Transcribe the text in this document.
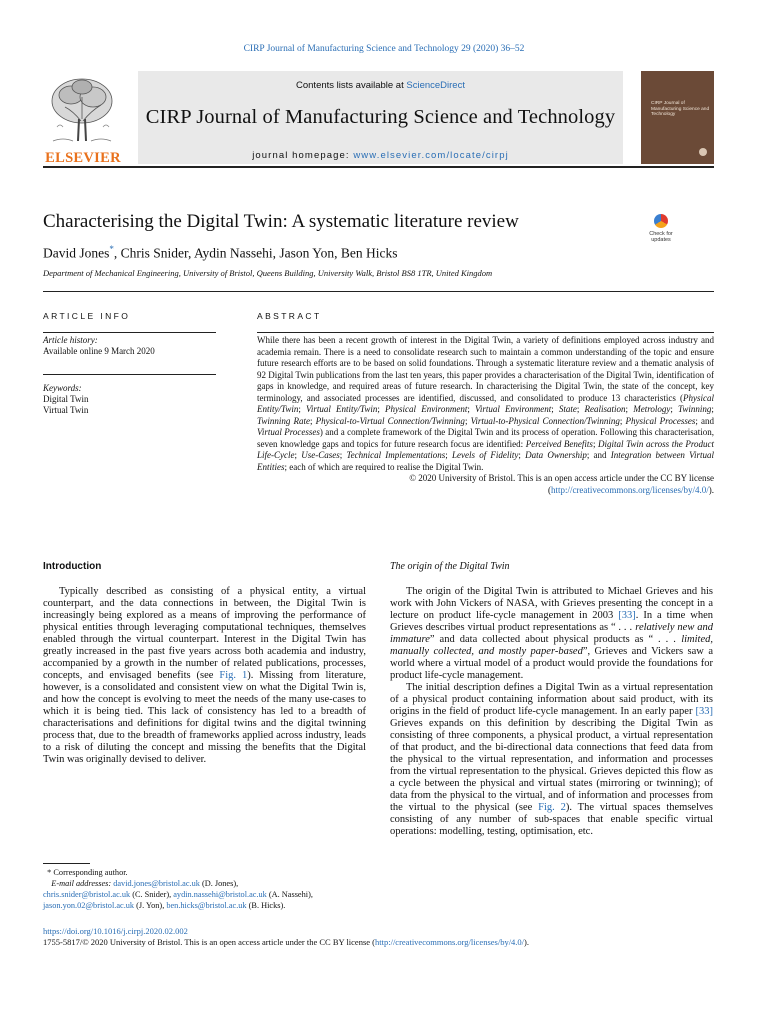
CIRP Journal of Manufacturing Science and Technology 29 (2020) 36–52
ELSEVIER
Contents lists available at ScienceDirect
CIRP Journal of Manufacturing Science and Technology
journal homepage: www.elsevier.com/locate/cirpj
CIRP Journal of Manufacturing Science and Technology
Characterising the Digital Twin: A systematic literature review
Check for updates
David Jones*, Chris Snider, Aydin Nassehi, Jason Yon, Ben Hicks
Department of Mechanical Engineering, University of Bristol, Queens Building, University Walk, Bristol BS8 1TR, United Kingdom
ARTICLE INFO
Article history:
Available online 9 March 2020
Keywords:
Digital Twin
Virtual Twin
ABSTRACT

While there has been a recent growth of interest in the Digital Twin, a variety of definitions employed across industry and academia remain. There is a need to consolidate research such to maintain a common understanding of the topic and ensure future research efforts are to be based on solid foundations. Through a systematic literature review and a thematic analysis of 92 Digital Twin publications from the last ten years, this paper provides a characterisation of the Digital Twin, identification of gaps in knowledge, and required areas of future research. In characterising the Digital Twin, the state of the concept, key terminology, and associated processes are identified, discussed, and consolidated to produce 13 characteristics (Physical Entity/Twin; Virtual Entity/Twin; Physical Environment; Virtual Environment; State; Realisation; Metrology; Twinning; Twinning Rate; Physical-to-Virtual Connection/Twinning; Virtual-to-Physical Connection/Twinning; Physical Processes; and Virtual Processes) and a complete framework of the Digital Twin and its process of operation. Following this characterisation, seven knowledge gaps and topics for future research focus are identified: Perceived Benefits; Digital Twin across the Product Life-Cycle; Use-Cases; Technical Implementations; Levels of Fidelity; Data Ownership; and Integration between Virtual Entities; each of which are required to realise the Digital Twin.

© 2020 University of Bristol. This is an open access article under the CC BY license (http://creativecommons.org/licenses/by/4.0/).

Introduction

Typically described as consisting of a physical entity, a virtual counterpart, and the data connections in between, the Digital Twin is increasingly being explored as a means of improving the performance of physical entities through leveraging computational techniques, themselves enabled through the virtual counterpart. Interest in the Digital Twin has greatly increased in the past five years across both academia and industry, accompanied by a growth in the number of related publications, processes, concepts, and envisaged benefits (see Fig. 1). Missing from literature, however, is a consolidated and consistent view on what the Digital Twin is, and how the concept is evolving to meet the needs of the many use-cases to which it is being tied. This lack of consistency has led to a breadth of characterisations and definitions for digital twins and the digital twinning process that, due to the breadth of frameworks applied across industry, leads to a risk of diluting the concept and missing the benefits that the Digital Twin was originally devised to deliver.

The origin of the Digital Twin

The origin of the Digital Twin is attributed to Michael Grieves and his work with John Vickers of NASA, with Grieves presenting the concept in a lecture on product life-cycle management in 2003 [33]. In a time when Grieves describes virtual product representations as “ . . . relatively new and immature” and data collected about physical products as “ . . . limited, manually collected, and mostly paper-based”, Grieves and Vickers saw a world where a virtual model of a product would provide the foundations for product life-cycle management.

The initial description defines a Digital Twin as a virtual representation of a physical product containing information about said product, with its origins in the field of product life-cycle management. In an early paper [33] Grieves expands on this definition by describing the Digital Twin as consisting of three components, a physical product, a virtual representation of that product, and the bi-directional data connections that feed data from the physical to the virtual representation, and information and processes from the virtual representation to the physical. Grieves depicted this flow as a cycle between the physical and virtual states (mirroring or twinning); of data from the physical to the virtual, and of information and processes from the virtual to the physical (see Fig. 2). The virtual spaces themselves consisting of any number of sub-spaces that enable specific virtual operations: modelling, testing, optimisation, etc.

* Corresponding author.
E-mail addresses: david.jones@bristol.ac.uk (D. Jones),
chris.snider@bristol.ac.uk (C. Snider), aydin.nassehi@bristol.ac.uk (A. Nassehi),
jason.yon.02@bristol.ac.uk (J. Yon), ben.hicks@bristol.ac.uk (B. Hicks).
https://doi.org/10.1016/j.cirpj.2020.02.002
1755-5817/© 2020 University of Bristol. This is an open access article under the CC BY license (http://creativecommons.org/licenses/by/4.0/).
